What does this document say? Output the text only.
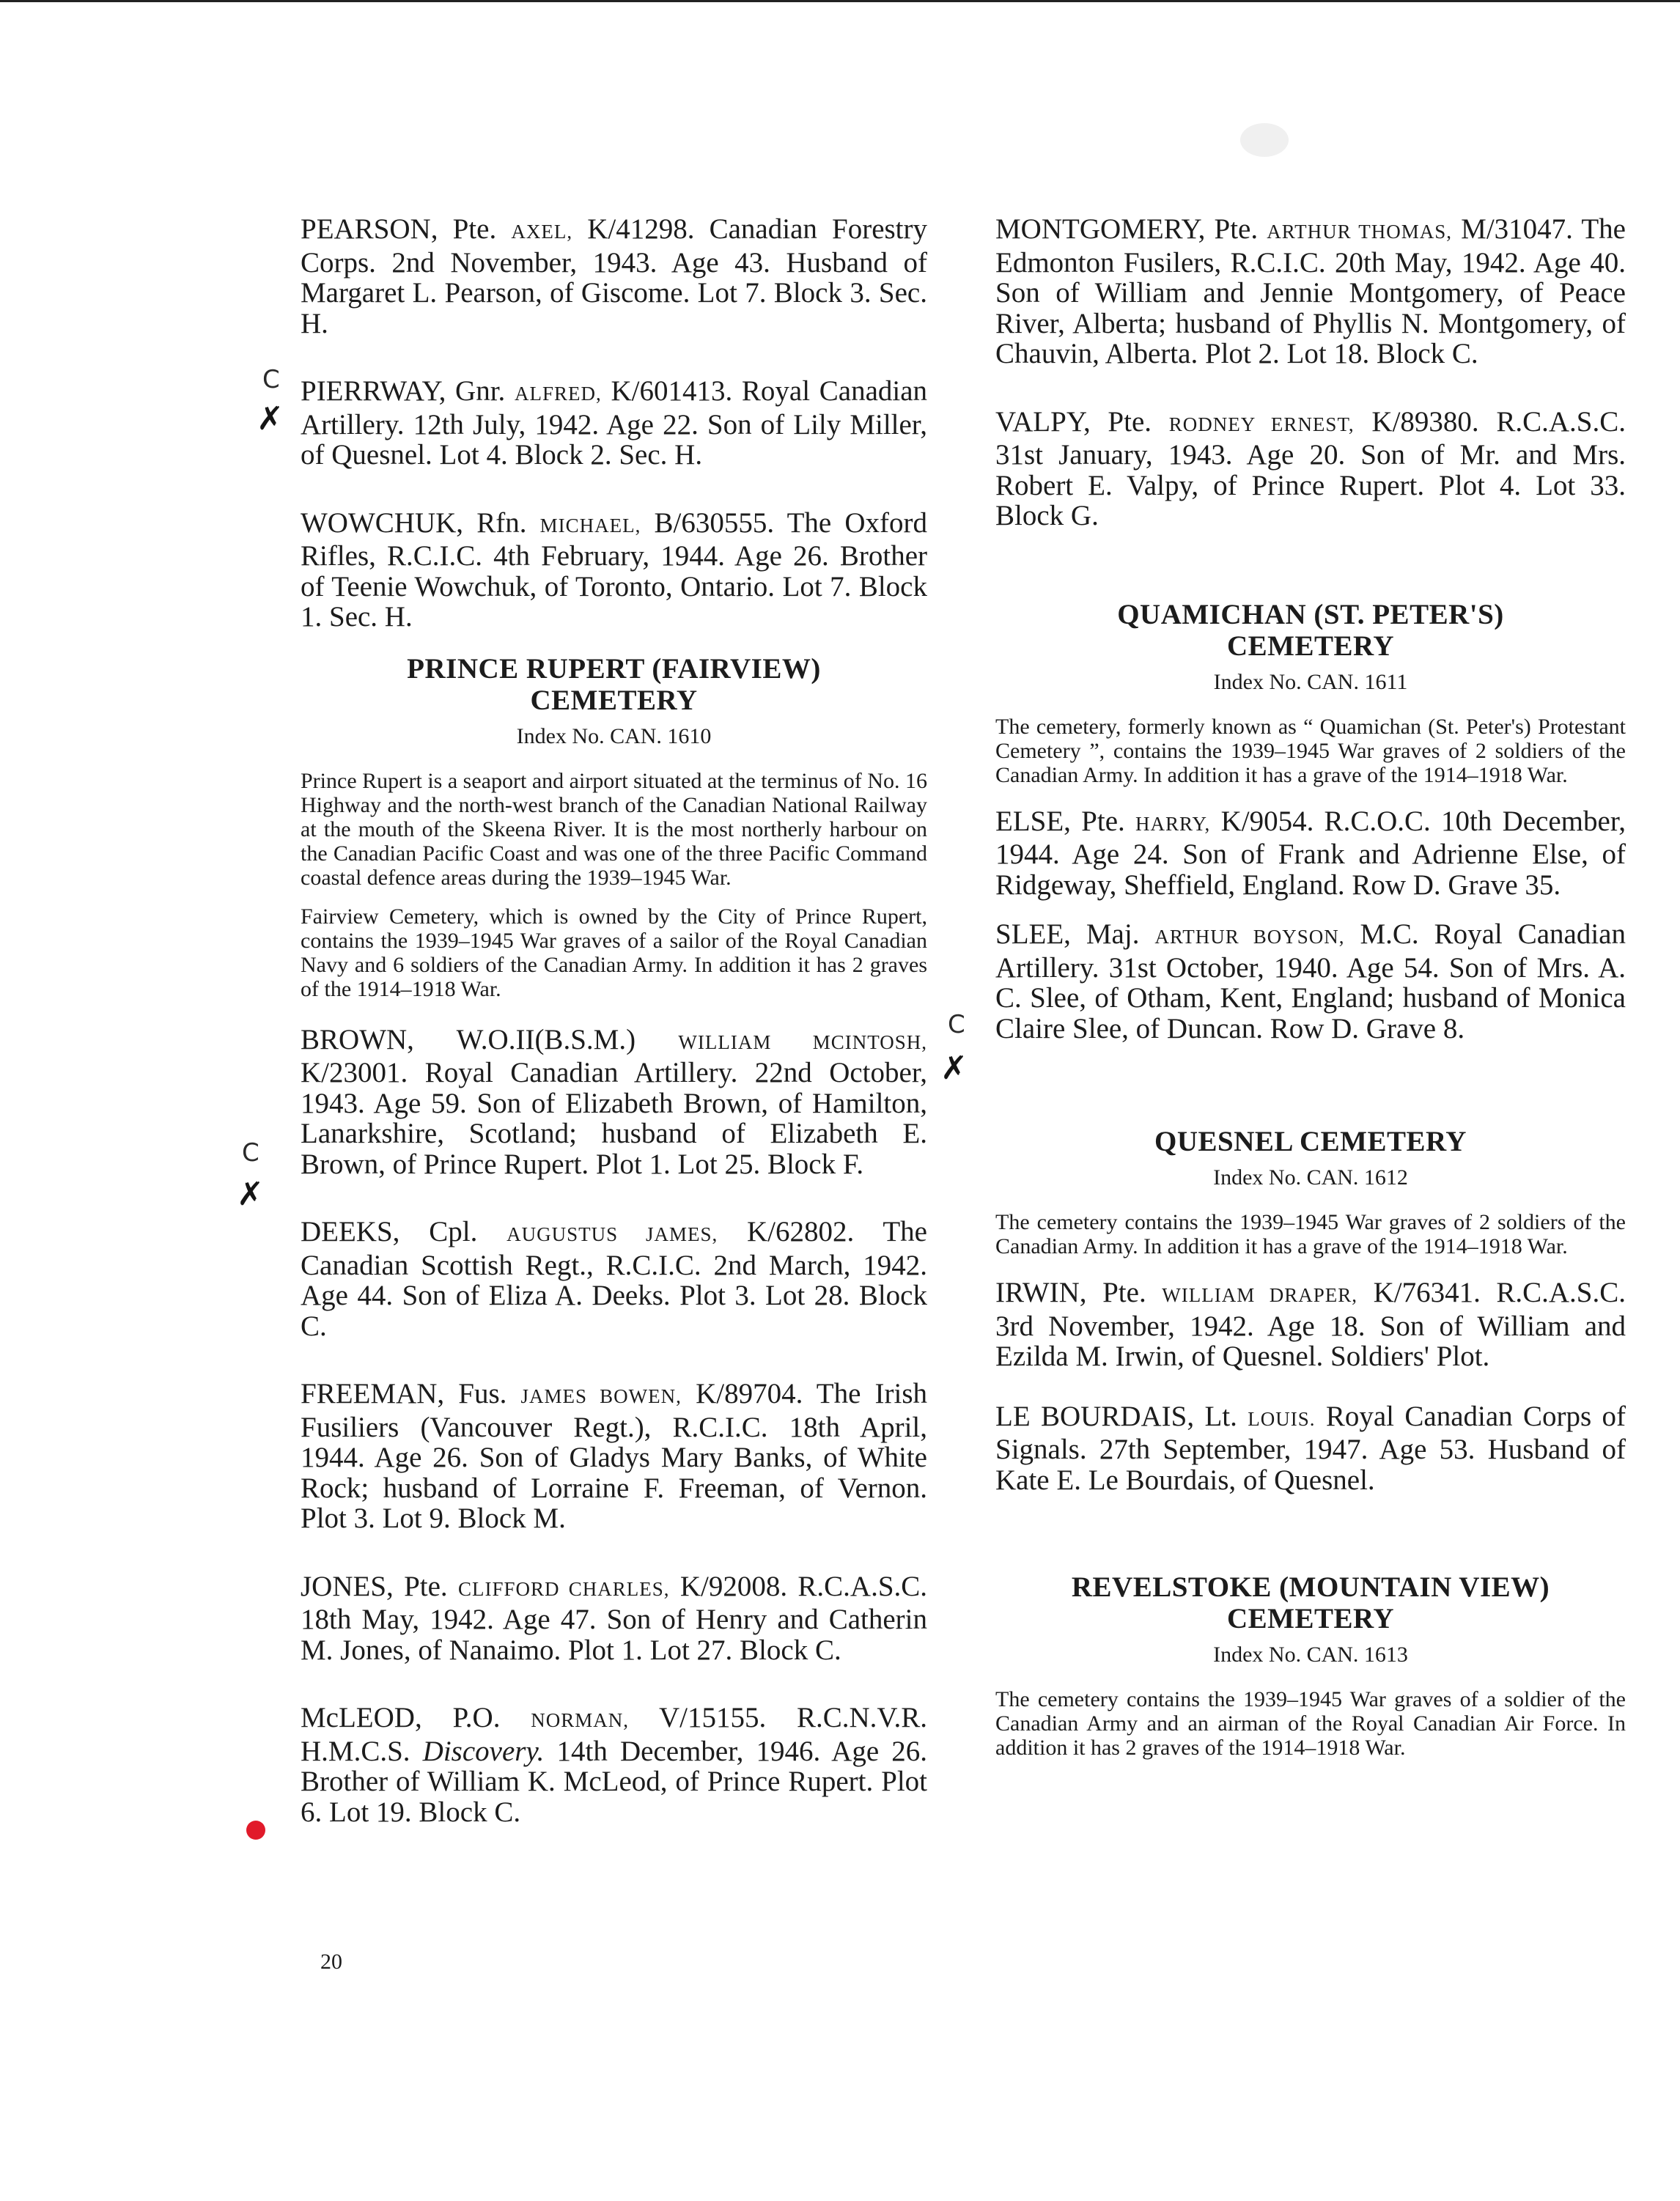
C
✗
C
✗
C
✗

PEARSON, Pte. AXEL, K/41298. Canadian Forestry Corps. 2nd November, 1943. Age 43. Husband of Margaret L. Pearson, of Giscome. Lot 7. Block 3. Sec. H.

PIERRWAY, Gnr. ALFRED, K/601413. Royal Canadian Artillery. 12th July, 1942. Age 22. Son of Lily Miller, of Quesnel. Lot 4. Block 2. Sec. H.

WOWCHUK, Rfn. MICHAEL, B/630555. The Oxford Rifles, R.C.I.C. 4th February, 1944. Age 26. Brother of Teenie Wowchuk, of Toronto, Ontario. Lot 7. Block 1. Sec. H.

PRINCE RUPERT (FAIRVIEW)

CEMETERY

Index No. CAN. 1610

Prince Rupert is a seaport and airport situated at the terminus of No. 16 Highway and the north-west branch of the Canadian National Railway at the mouth of the Skeena River. It is the most northerly harbour on the Canadian Pacific Coast and was one of the three Pacific Command coastal defence areas during the 1939–1945 War.

Fairview Cemetery, which is owned by the City of Prince Rupert, contains the 1939–1945 War graves of a sailor of the Royal Canadian Navy and 6 soldiers of the Canadian Army. In addition it has 2 graves of the 1914–1918 War.

BROWN, W.O.II(B.S.M.) WILLIAM MCINTOSH, K/23001. Royal Canadian Artillery. 22nd October, 1943. Age 59. Son of Elizabeth Brown, of Hamilton, Lanarkshire, Scotland; husband of Elizabeth E. Brown, of Prince Rupert. Plot 1. Lot 25. Block F.

DEEKS, Cpl. AUGUSTUS JAMES, K/62802. The Canadian Scottish Regt., R.C.I.C. 2nd March, 1942. Age 44. Son of Eliza A. Deeks. Plot 3. Lot 28. Block C.

FREEMAN, Fus. JAMES BOWEN, K/89704. The Irish Fusiliers (Vancouver Regt.), R.C.I.C. 18th April, 1944. Age 26. Son of Gladys Mary Banks, of White Rock; husband of Lorraine F. Freeman, of Vernon. Plot 3. Lot 9. Block M.

JONES, Pte. CLIFFORD CHARLES, K/92008. R.C.A.S.C. 18th May, 1942. Age 47. Son of Henry and Catherin M. Jones, of Nanaimo. Plot 1. Lot 27. Block C.

McLEOD, P.O. NORMAN, V/15155. R.C.N.V.R. H.M.C.S. Discovery. 14th December, 1946. Age 26. Brother of William K. McLeod, of Prince Rupert. Plot 6. Lot 19. Block C.

20

MONTGOMERY, Pte. ARTHUR THOMAS, M/31047. The Edmonton Fusilers, R.C.I.C. 20th May, 1942. Age 40. Son of William and Jennie Montgomery, of Peace River, Alberta; husband of Phyllis N. Montgomery, of Chauvin, Alberta. Plot 2. Lot 18. Block C.

VALPY, Pte. RODNEY ERNEST, K/89380. R.C.A.S.C. 31st January, 1943. Age 20. Son of Mr. and Mrs. Robert E. Valpy, of Prince Rupert. Plot 4. Lot 33. Block G.

QUAMICHAN (ST. PETER'S)

CEMETERY

Index No. CAN. 1611

The cemetery, formerly known as “ Quamichan (St. Peter's) Protestant Cemetery ”, contains the 1939–1945 War graves of 2 soldiers of the Canadian Army. In addition it has a grave of the 1914–1918 War.

ELSE, Pte. HARRY, K/9054. R.C.O.C. 10th December, 1944. Age 24. Son of Frank and Adrienne Else, of Ridgeway, Sheffield, England. Row D. Grave 35.

SLEE, Maj. ARTHUR BOYSON, M.C. Royal Canadian Artillery. 31st October, 1940. Age 54. Son of Mrs. A. C. Slee, of Otham, Kent, England; husband of Monica Claire Slee, of Duncan. Row D. Grave 8.

QUESNEL CEMETERY

Index No. CAN. 1612

The cemetery contains the 1939–1945 War graves of 2 soldiers of the Canadian Army. In addition it has a grave of the 1914–1918 War.

IRWIN, Pte. WILLIAM DRAPER, K/76341. R.C.A.S.C. 3rd November, 1942. Age 18. Son of William and Ezilda M. Irwin, of Quesnel. Soldiers' Plot.

LE BOURDAIS, Lt. LOUIS. Royal Canadian Corps of Signals. 27th September, 1947. Age 53. Husband of Kate E. Le Bourdais, of Quesnel.

REVELSTOKE (MOUNTAIN VIEW)

CEMETERY

Index No. CAN. 1613

The cemetery contains the 1939–1945 War graves of a soldier of the Canadian Army and an airman of the Royal Canadian Air Force. In addition it has 2 graves of the 1914–1918 War.
